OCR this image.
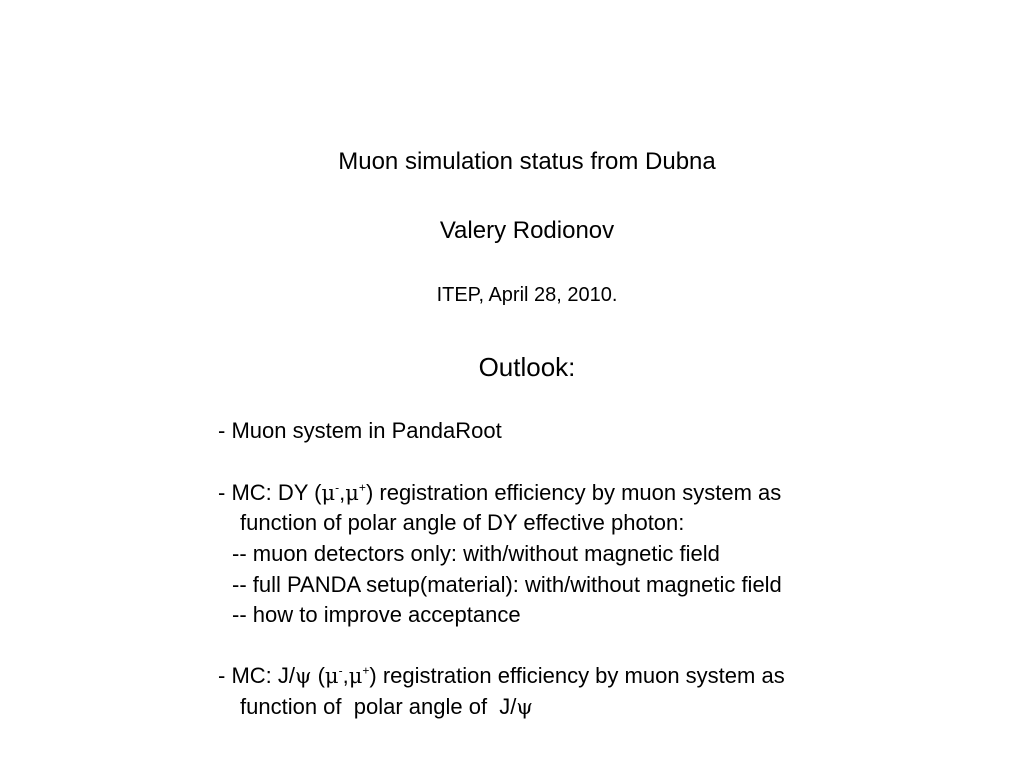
Muon simulation status from Dubna
Valery Rodionov
ITEP, April 28, 2010.
Outlook:
- Muon system in PandaRoot
- MC: DY (μ-,μ+) registration efficiency by muon system as
function of polar angle of DY effective photon:
-- muon detectors only: with/without magnetic field
-- full PANDA setup(material): with/without magnetic field
-- how to improve acceptance
- MC: J/ψ (μ-,μ+) registration efficiency by muon system as
function of  polar angle of  J/ψ
